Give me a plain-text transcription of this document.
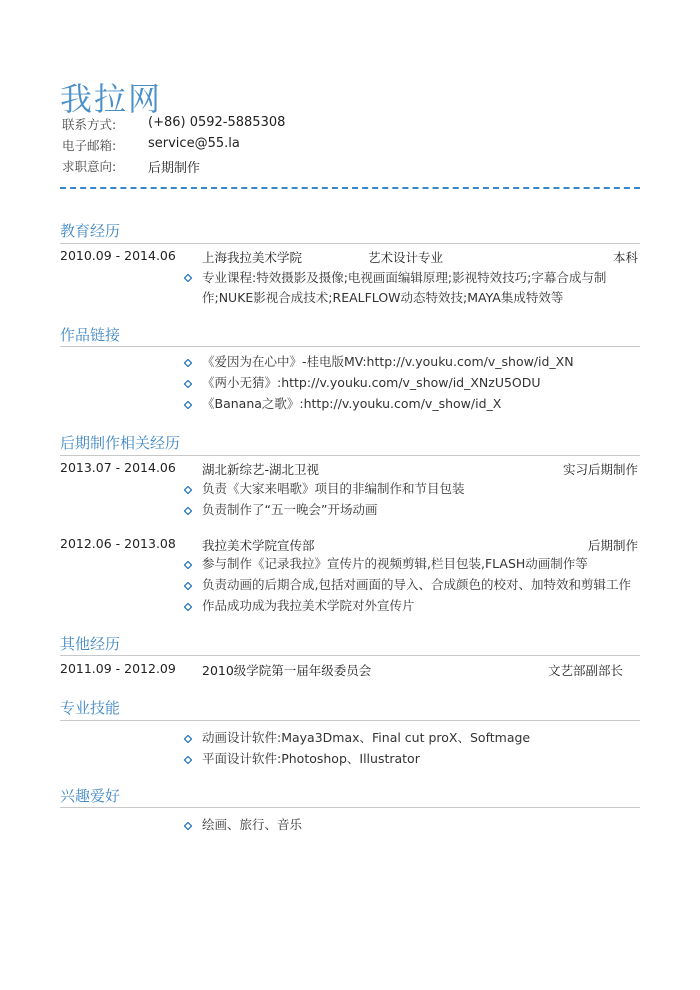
我拉网
联系方式: (+86) 0592-5885308
电子邮箱: service@55.la
求职意向: 后期制作
教育经历
2010.09 - 2014.06 上海我拉美术学院	艺术设计专业	本科
专业课程:特效摄影及摄像;电视画面编辑原理;影视特效技巧;字幕合成与制作;NUKE影视合成技术;REALFLOW动态特效技;MAYA集成特效等
作品链接
《爱因为在心中》-桂电版MV:http://v.youku.com/v_show/id_XN
《两小无猜》:http://v.youku.com/v_show/id_XNzU5ODU
《Banana之歌》:http://v.youku.com/v_show/id_X
后期制作相关经历
2013.07 - 2014.06 湖北新综艺-湖北卫视	实习后期制作
负责《大家来唱歌》项目的非编制作和节目包装
负责制作了“五一晚会”开场动画
2012.06 - 2013.08 我拉美术学院宣传部	后期制作
参与制作《记录我拉》宣传片的视频剪辑,栏目包装,FLASH动画制作等
负责动画的后期合成,包括对画面的导入、合成颜色的校对、加特效和剪辑工作
作品成功成为我拉美术学院对外宣传片
其他经历
2011.09 - 2012.09 2010级学院第一届年级委员会	文艺部副部长
专业技能
动画设计软件:Maya3Dmax、Final cut proX、Softmage
平面设计软件:Photoshop、Illustrator
兴趣爱好
绘画、旅行、音乐
